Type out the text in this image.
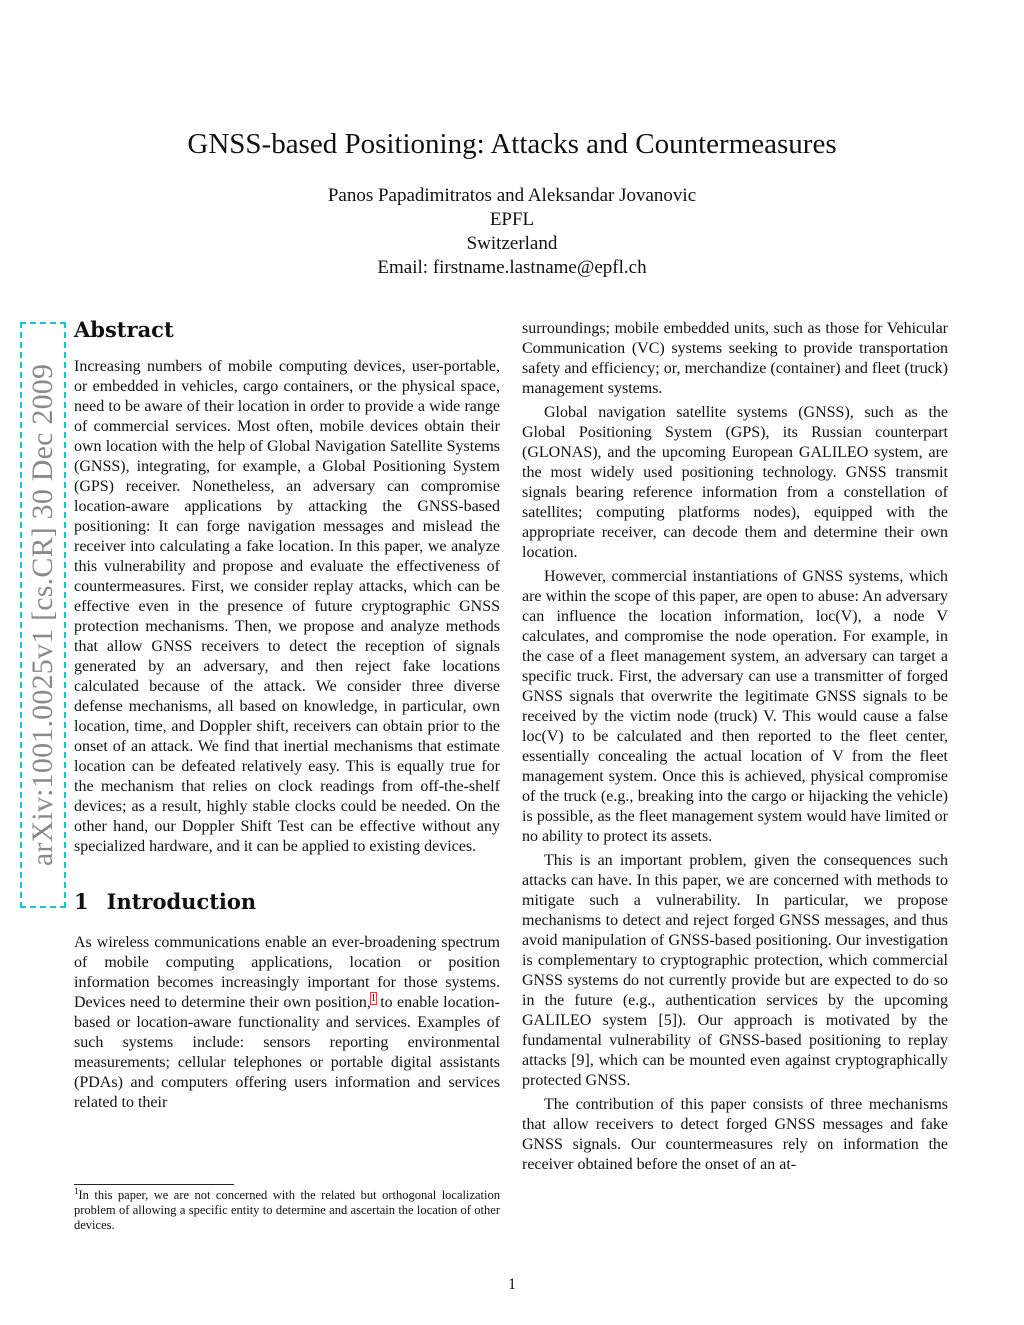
arXiv:1001.0025v1 [cs.CR] 30 Dec 2009
GNSS-based Positioning: Attacks and Countermeasures
Panos Papadimitratos and Aleksandar Jovanovic
EPFL
Switzerland
Email: firstname.lastname@epfl.ch
Abstract

Increasing numbers of mobile computing devices, user-portable, or embedded in vehicles, cargo containers, or the physical space, need to be aware of their location in order to provide a wide range of commercial services. Most often, mobile devices obtain their own location with the help of Global Navigation Satellite Systems (GNSS), integrating, for example, a Global Positioning System (GPS) receiver. Nonetheless, an adversary can compromise location-aware applications by attacking the GNSS-based positioning: It can forge navigation messages and mislead the receiver into calculating a fake location. In this paper, we analyze this vulnerability and propose and evaluate the effectiveness of countermeasures. First, we consider replay attacks, which can be effective even in the presence of future cryptographic GNSS protection mechanisms. Then, we propose and analyze methods that allow GNSS receivers to detect the reception of signals generated by an adversary, and then reject fake locations calculated because of the attack. We consider three diverse defense mechanisms, all based on knowledge, in particular, own location, time, and Doppler shift, receivers can obtain prior to the onset of an attack. We find that inertial mechanisms that estimate location can be defeated relatively easy. This is equally true for the mechanism that relies on clock readings from off-the-shelf devices; as a result, highly stable clocks could be needed. On the other hand, our Doppler Shift Test can be effective without any specialized hardware, and it can be applied to existing devices.

1 Introduction

As wireless communications enable an ever-broadening spectrum of mobile computing applications, location or position information becomes increasingly important for those systems. Devices need to determine their own position,$^1$ to enable location-based or location-aware functionality and services. Examples of such systems include: sensors reporting environmental measurements; cellular telephones or portable digital assistants (PDAs) and computers offering users information and services related to their

$^1$In this paper, we are not concerned with the related but orthogonal localization problem of allowing a specific entity to determine and ascertain the location of other devices.

surroundings; mobile embedded units, such as those for Vehicular Communication (VC) systems seeking to provide transportation safety and efficiency; or, merchandize (container) and fleet (truck) management systems.

Global navigation satellite systems (GNSS), such as the Global Positioning System (GPS), its Russian counterpart (GLONAS), and the upcoming European GALILEO system, are the most widely used positioning technology. GNSS transmit signals bearing reference information from a constellation of satellites; computing platforms nodes), equipped with the appropriate receiver, can decode them and determine their own location.

However, commercial instantiations of GNSS systems, which are within the scope of this paper, are open to abuse: An adversary can influence the location information, loc(V), a node V calculates, and compromise the node operation. For example, in the case of a fleet management system, an adversary can target a specific truck. First, the adversary can use a transmitter of forged GNSS signals that overwrite the legitimate GNSS signals to be received by the victim node (truck) V. This would cause a false loc(V) to be calculated and then reported to the fleet center, essentially concealing the actual location of V from the fleet management system. Once this is achieved, physical compromise of the truck (e.g., breaking into the cargo or hijacking the vehicle) is possible, as the fleet management system would have limited or no ability to protect its assets.

This is an important problem, given the consequences such attacks can have. In this paper, we are concerned with methods to mitigate such a vulnerability. In particular, we propose mechanisms to detect and reject forged GNSS messages, and thus avoid manipulation of GNSS-based positioning. Our investigation is complementary to cryptographic protection, which commercial GNSS systems do not currently provide but are expected to do so in the future (e.g., authentication services by the upcoming GALILEO system [5]). Our approach is motivated by the fundamental vulnerability of GNSS-based positioning to replay attacks [9], which can be mounted even against cryptographically protected GNSS.

The contribution of this paper consists of three mechanisms that allow receivers to detect forged GNSS messages and fake GNSS signals. Our countermeasures rely on information the receiver obtained before the onset of an at-

1
